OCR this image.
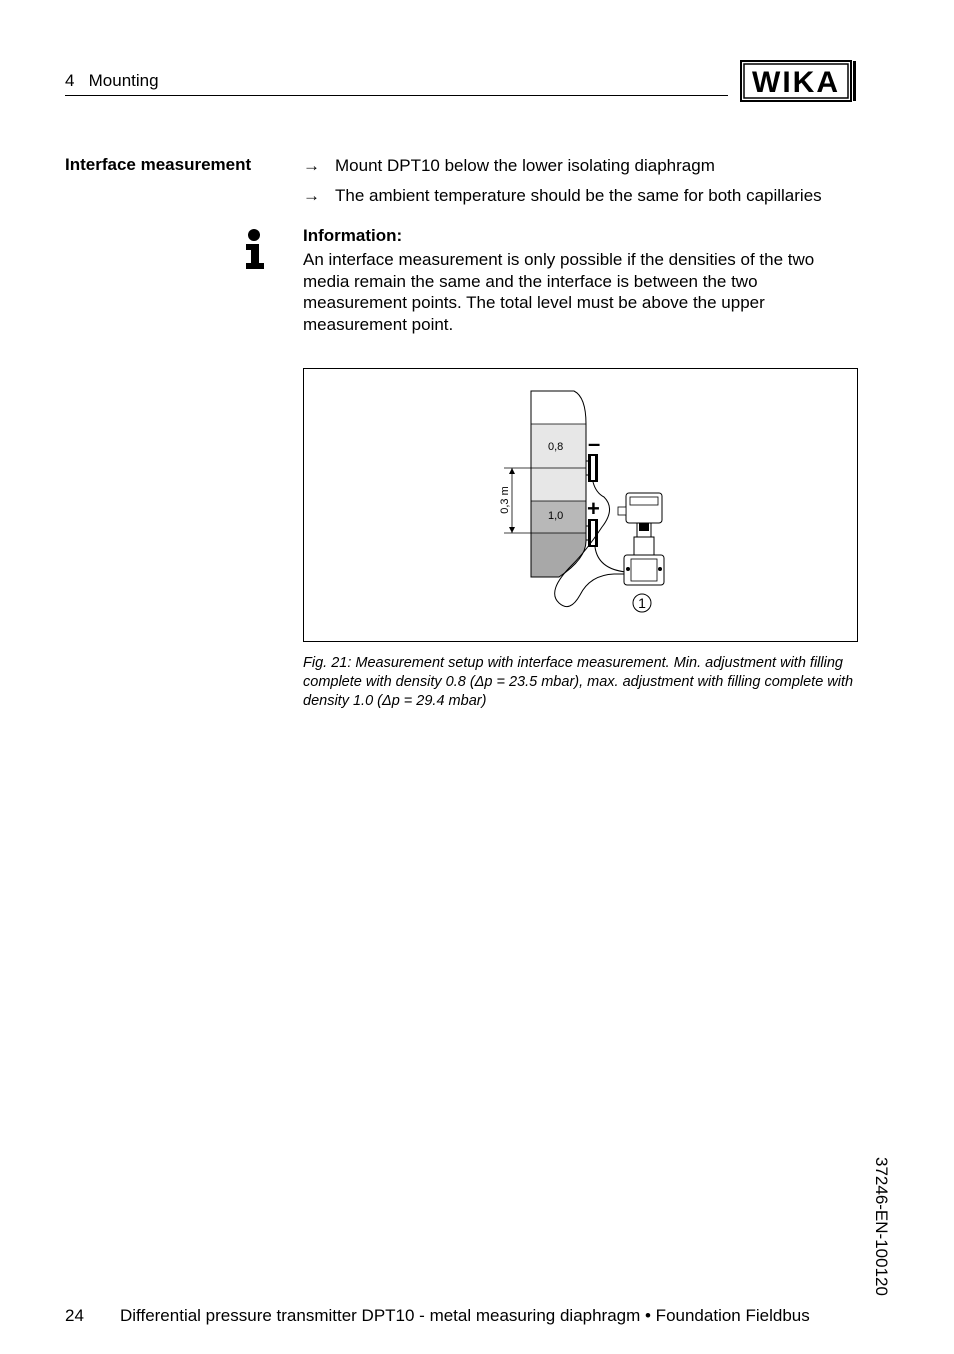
4   Mounting	WIKA
Interface measurement	→ Mount DPT10 below the lower isolating diaphragm
→ The ambient temperature should be the same for both capillaries
Information:
An interface measurement is only possible if the densities of the two media remain the same and the interface is between the two measurement points. The total level must be above the upper measurement point.
0,8
1,0
0,3 m
–
+
1
Fig. 21: Measurement setup with interface measurement. Min. adjustment with filling complete with density 0.8 (Δp = 23.5 mbar), max. adjustment with filling complete with density 1.0 (Δp = 29.4 mbar)
37246-EN-100120
24 Differential pressure transmitter DPT10 - metal measuring diaphragm • Foundation Fieldbus
